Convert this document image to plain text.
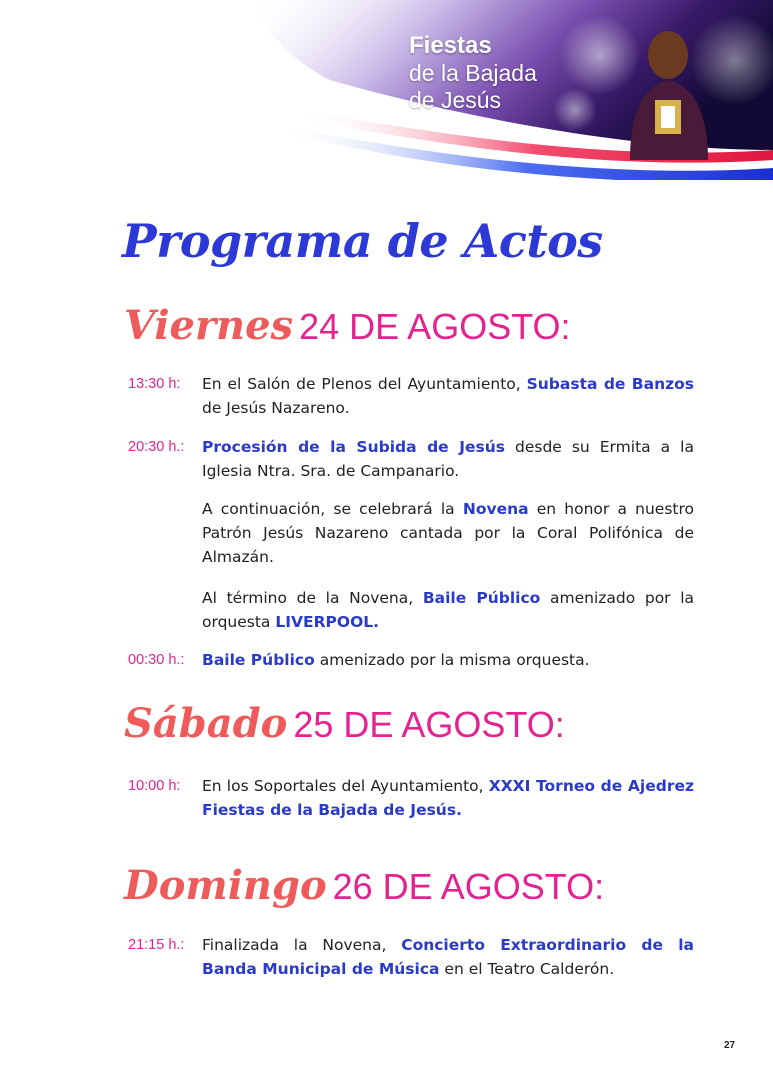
Fiestas
de la Bajada
de Jesús
Programa de Actos
Viernes 24 DE AGOSTO:
13:30 h:	En el Salón de Plenos del Ayuntamiento, Subasta de Banzos de Jesús Nazareno.
20:30 h.:	Procesión de la Subida de Jesús desde su Ermita a la Iglesia Ntra. Sra. de Campanario.
A continuación, se celebrará la Novena en honor a nuestro Patrón Jesús Nazareno cantada por la Coral Polifónica de Almazán.
Al término de la Novena, Baile Público amenizado por la orquesta LIVERPOOL.
00:30 h.:	Baile Público amenizado por la misma orquesta.
Sábado 25 DE AGOSTO:
10:00 h:	En los Soportales del Ayuntamiento, XXXI Torneo de Ajedrez Fiestas de la Bajada de Jesús.
Domingo 26 DE AGOSTO:
21:15 h.:	Finalizada la Novena, Concierto Extraordinario de la Banda Municipal de Música en el Teatro Calderón.
27
